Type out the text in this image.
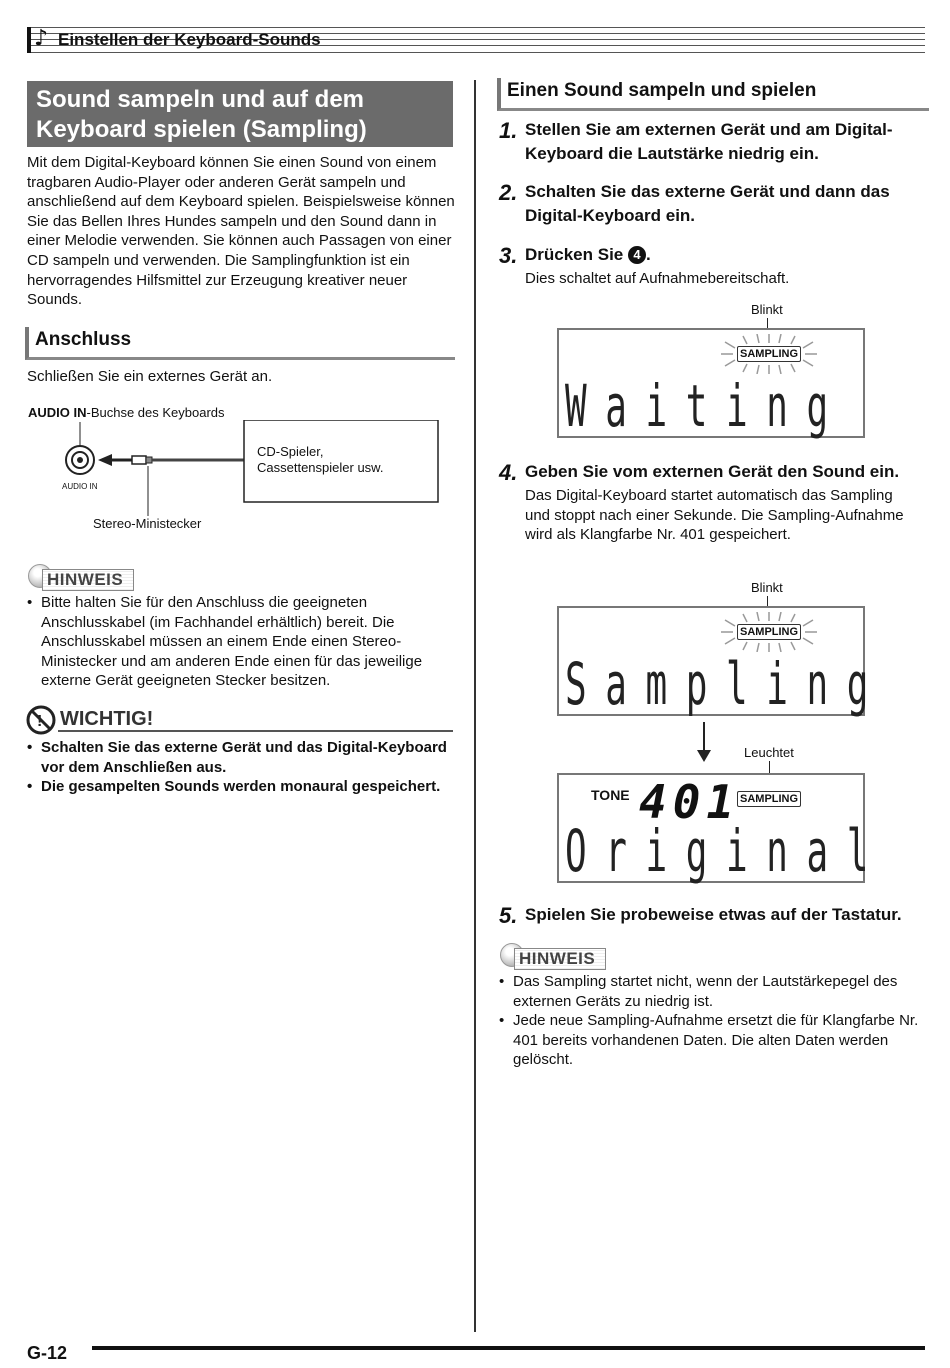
♪ Einstellen der Keyboard-Sounds
Sound sampeln und auf dem Keyboard spielen (Sampling)
Mit dem Digital-Keyboard können Sie einen Sound von einem tragbaren Audio-Player oder anderen Gerät sampeln und anschließend auf dem Keyboard spielen. Beispielsweise können Sie das Bellen Ihres Hundes sampeln und den Sound dann in einer Melodie verwenden. Sie können auch Passagen von einer CD sampeln und verwenden. Die Samplingfunktion ist ein hervorragendes Hilfsmittel zur Erzeugung kreativer neuer Sounds.
Anschluss
Schließen Sie ein externes Gerät an.
AUDIO IN-Buchse des Keyboards
AUDIO IN
CD-Spieler,
Cassettenspieler usw.
Stereo-Ministecker
HINWEIS
• Bitte halten Sie für den Anschluss die geeigneten Anschlusskabel (im Fachhandel erhältlich) bereit. Die Anschlusskabel müssen an einem Ende einen Stereo-Ministecker und am anderen Ende einen für das jeweilige externe Gerät geeigneten Stecker besitzen.
! WICHTIG!
• Schalten Sie das externe Gerät und das Digital-Keyboard vor dem Anschließen aus.
• Die gesampelten Sounds werden monaural gespeichert.
Einen Sound sampeln und spielen
1. Stellen Sie am externen Gerät und am Digital-Keyboard die Lautstärke niedrig ein.
2. Schalten Sie das externe Gerät und dann das Digital-Keyboard ein.
3. Drücken Sie 4 .
Dies schaltet auf Aufnahmebereitschaft.
Blinkt
SAMPLING
Waiting
4. Geben Sie vom externen Gerät den Sound ein.
Das Digital-Keyboard startet automatisch das Sampling und stoppt nach einer Sekunde. Die Sampling-Aufnahme wird als Klangfarbe Nr. 401 gespeichert.
Blinkt
SAMPLING
Sampling
Leuchtet
TONE 401 SAMPLING
Original
5. Spielen Sie probeweise etwas auf der Tastatur.
HINWEIS
• Das Sampling startet nicht, wenn der Lautstärkepegel des externen Geräts zu niedrig ist.
• Jede neue Sampling-Aufnahme ersetzt die für Klangfarbe Nr. 401 bereits vorhandenen Daten. Die alten Daten werden gelöscht.
G-12
